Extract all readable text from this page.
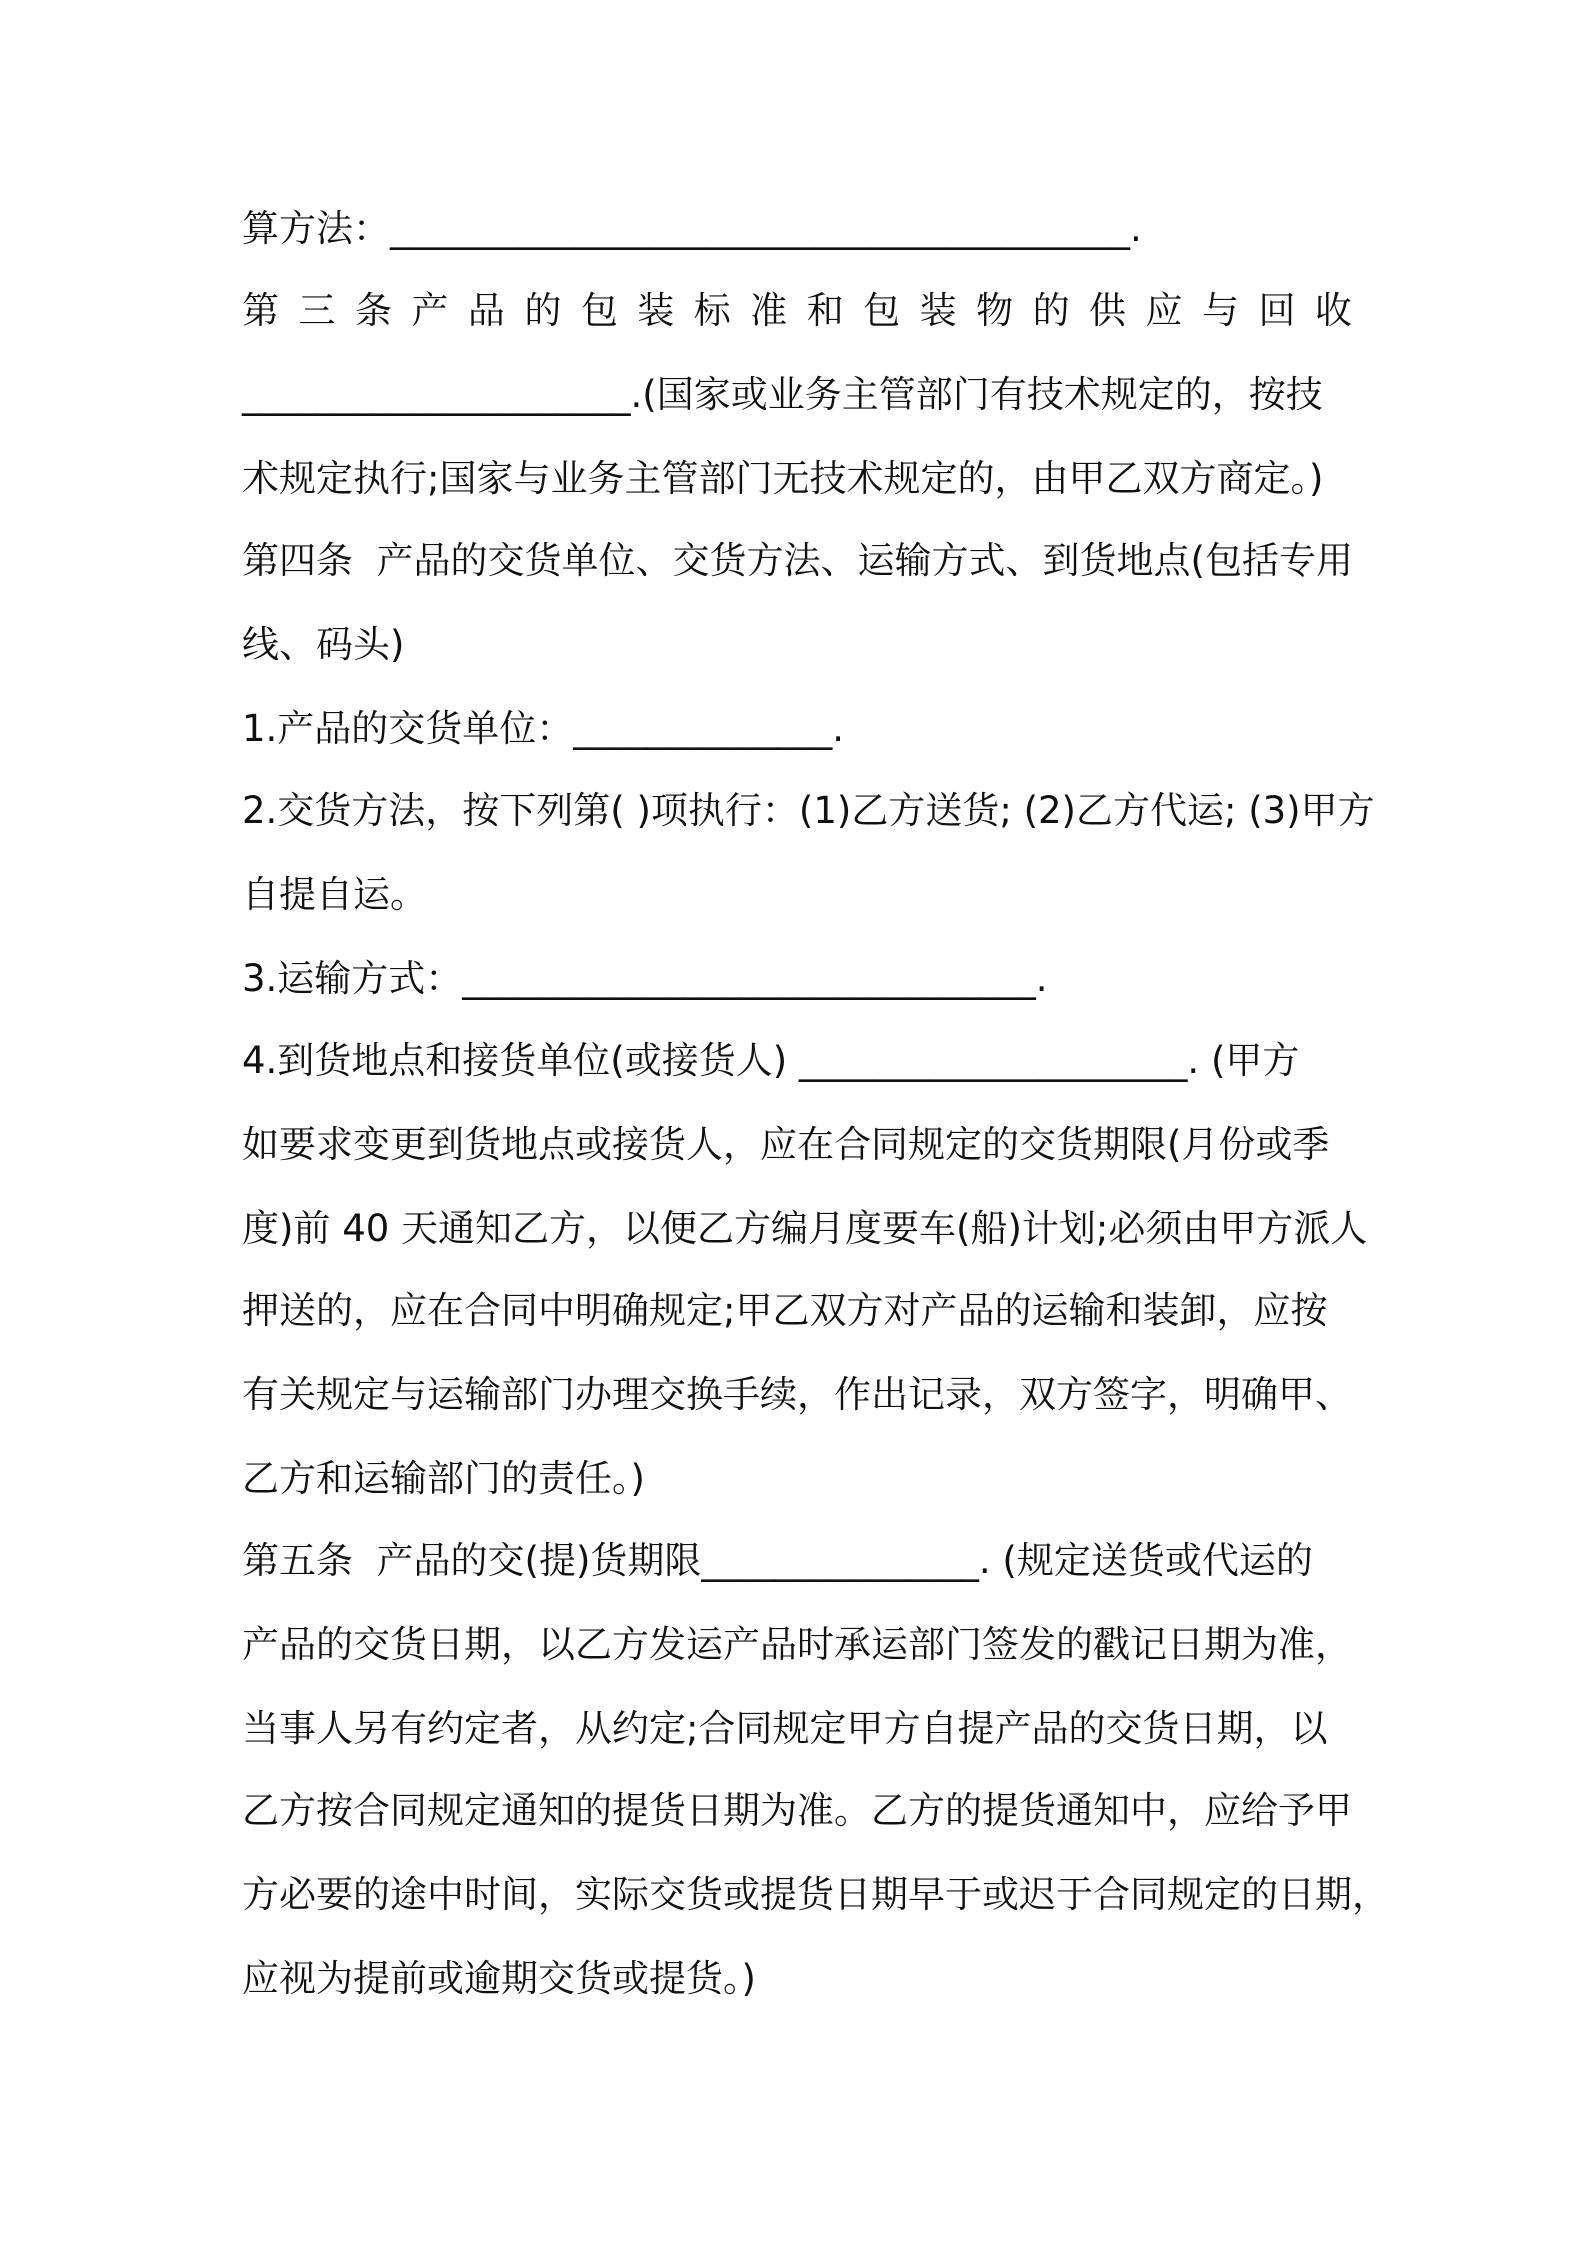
算方法：________________________________________.
第 三 条 产 品 的 包 装 标 准 和 包 装 物 的 供 应 与 回 收
_____________________.(国家或业务主管部门有技术规定的，按技
术规定执行;国家与业务主管部门无技术规定的，由甲乙双方商定。)
第四条  产品的交货单位、交货方法、运输方式、到货地点(包括专用
线、码头)
1.产品的交货单位：______________.
2.交货方法，按下列第( )项执行：(1)乙方送货; (2)乙方代运; (3)甲方
自提自运。
3.运输方式：_______________________________.
4.到货地点和接货单位(或接货人) _____________________. (甲方
如要求变更到货地点或接货人，应在合同规定的交货期限(月份或季
度)前 40 天通知乙方，以便乙方编月度要车(船)计划;必须由甲方派人
押送的，应在合同中明确规定;甲乙双方对产品的运输和装卸，应按
有关规定与运输部门办理交换手续，作出记录，双方签字，明确甲、
乙方和运输部门的责任。)
第五条  产品的交(提)货期限_______________. (规定送货或代运的
产品的交货日期，以乙方发运产品时承运部门签发的戳记日期为准，
当事人另有约定者，从约定;合同规定甲方自提产品的交货日期，以
乙方按合同规定通知的提货日期为准。乙方的提货通知中，应给予甲
方必要的途中时间，实际交货或提货日期早于或迟于合同规定的日期，
应视为提前或逾期交货或提货。)
